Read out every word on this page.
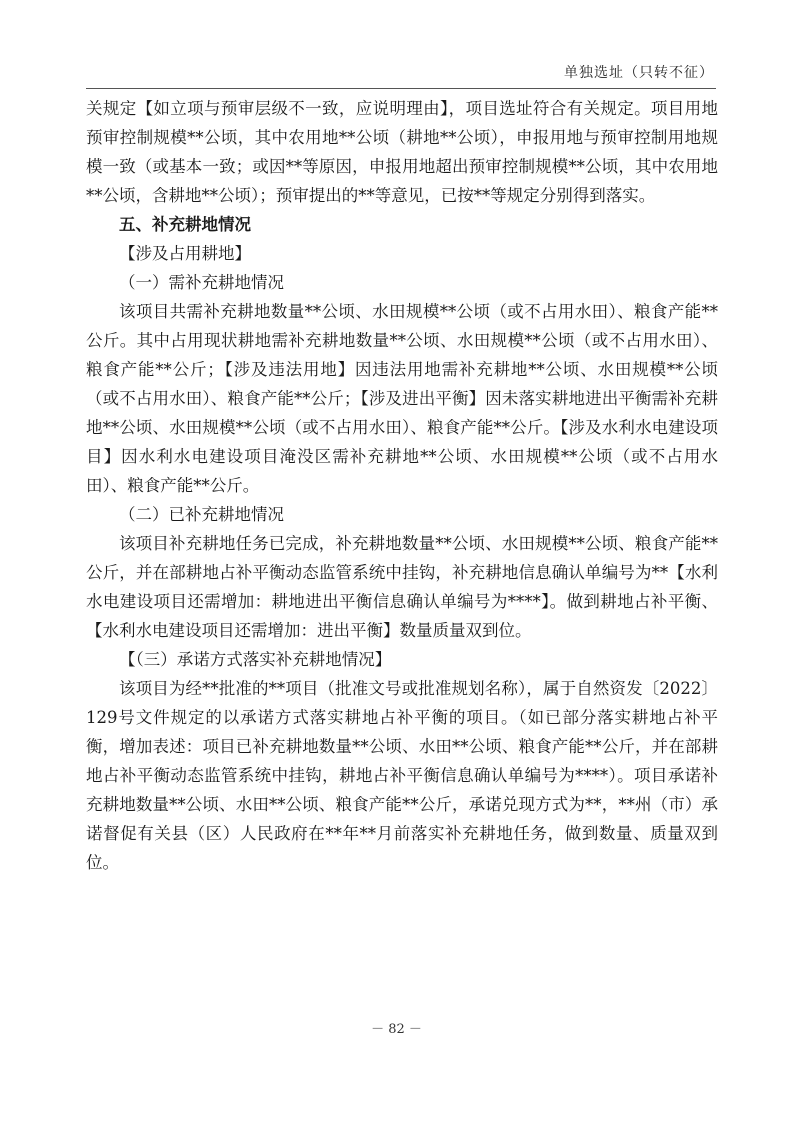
单独选址（只转不征）

关规定【如立项与预审层级不一致，应说明理由】，项目选址符合有关规定。项目用地预审控制规模**公顷，其中农用地**公顷（耕地**公顷），申报用地与预审控制用地规模一致（或基本一致；或因**等原因，申报用地超出预审控制规模**公顷，其中农用地**公顷，含耕地**公顷）；预审提出的**等意见，已按**等规定分别得到落实。

五、补充耕地情况

【涉及占用耕地】

（一）需补充耕地情况

该项目共需补充耕地数量**公顷、水田规模**公顷（或不占用水田）、粮食产能**公斤。其中占用现状耕地需补充耕地数量**公顷、水田规模**公顷（或不占用水田）、粮食产能**公斤；【涉及违法用地】因违法用地需补充耕地**公顷、水田规模**公顷（或不占用水田）、粮食产能**公斤；【涉及进出平衡】因未落实耕地进出平衡需补充耕地**公顷、水田规模**公顷（或不占用水田）、粮食产能**公斤。【涉及水利水电建设项目】因水利水电建设项目淹没区需补充耕地**公顷、水田规模**公顷（或不占用水田）、粮食产能**公斤。

（二）已补充耕地情况

该项目补充耕地任务已完成，补充耕地数量**公顷、水田规模**公顷、粮食产能**公斤，并在部耕地占补平衡动态监管系统中挂钩，补充耕地信息确认单编号为**【水利水电建设项目还需增加：耕地进出平衡信息确认单编号为****】。做到耕地占补平衡、【水利水电建设项目还需增加：进出平衡】数量质量双到位。

【（三）承诺方式落实补充耕地情况】

该项目为经**批准的**项目（批准文号或批准规划名称），属于自然资发〔2022〕129号文件规定的以承诺方式落实耕地占补平衡的项目。（如已部分落实耕地占补平衡，增加表述：项目已补充耕地数量**公顷、水田**公顷、粮食产能**公斤，并在部耕地占补平衡动态监管系统中挂钩，耕地占补平衡信息确认单编号为****）。项目承诺补充耕地数量**公顷、水田**公顷、粮食产能**公斤，承诺兑现方式为**，**州（市）承诺督促有关县（区）人民政府在**年**月前落实补充耕地任务，做到数量、质量双到位。

－ 82 －
